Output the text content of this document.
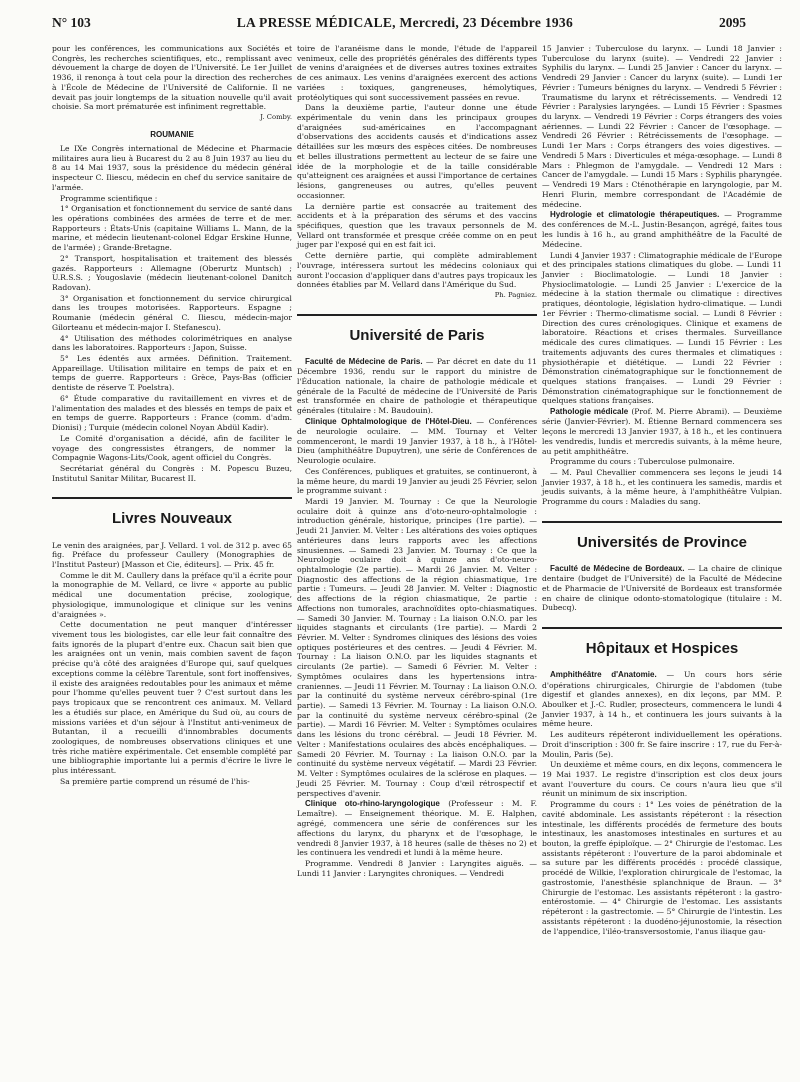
N° 103	LA PRESSE MÉDICALE, Mercredi, 23 Décembre 1936	2095

pour les conférences, les communications aux Sociétés et Congrès, les recherches scientifiques, etc., remplissant avec dévouement la charge de doyen de l'Université. Le 1er Juillet 1936, il renonça à tout cela pour la direction des recherches à l'École de Médecine de l'Université de Californie. Il ne devait pas jouir longtemps de la situation nouvelle qu'il avait choisie. Sa mort prématurée est infiniment regrettable.

J. Comby.

ROUMANIE

Le IXe Congrès international de Médecine et Pharmacie militaires aura lieu à Bucarest du 2 au 8 Juin 1937 au lieu du 8 au 14 Mai 1937, sous la présidence du médecin général inspecteur C. Iliescu, médecin en chef du service sanitaire de l'armée.

Programme scientifique :

1° Organisation et fonctionnement du service de santé dans les opérations combinées des armées de terre et de mer. Rapporteurs : États-Unis (capitaine Williams L. Mann, de la marine, et médecin lieutenant-colonel Edgar Erskine Hunne, de l'armée) ; Grande-Bretagne.

2° Transport, hospitalisation et traitement des blessés gazés. Rapporteurs : Allemagne (Oberurtz Muntsch) ; U.R.S.S. ; Yougoslavie (médecin lieutenant-colonel Danitch Radovan).

3° Organisation et fonctionnement du service chirurgical dans les troupes motorisées. Rapporteurs. Espagne ; Roumanie (médecin général C. Iliescu, médecin-major Gilorteanu et médecin-major I. Stefanescu).

4° Utilisation des méthodes colorimétriques en analyse dans les laboratoires. Rapporteurs : Japon, Suisse.

5° Les édentés aux armées. Définition. Traitement. Appareillage. Utilisation militaire en temps de paix et en temps de guerre. Rapporteurs : Grèce, Pays-Bas (officier dentiste de réserve T. Poelstra).

6° Étude comparative du ravitaillement en vivres et de l'alimentation des malades et des blessés en temps de paix et en temps de guerre. Rapporteurs : France (comm. d'adm. Dionisi) ; Turquie (médecin colonel Noyan Abdül Kadir).

Le Comité d'organisation a décidé, afin de faciliter le voyage des congressistes étrangers, de nommer la Compagnie Wagons-Lits/Cook, agent officiel du Congrès.

Secrétariat général du Congrès : M. Popescu Buzeu, Institutul Sanitar Militar, Bucarest II.

Livres Nouveaux

Le venin des araignées, par J. Vellard. 1 vol. de 312 p. avec 65 fig. Préface du professeur Caullery (Monographies de l'Institut Pasteur) [Masson et Cie, éditeurs]. — Prix. 45 fr.

Comme le dit M. Caullery dans la préface qu'il a écrite pour la monographie de M. Vellard, ce livre « apporte au public médical une documentation précise, zoologique, physiologique, immunologique et clinique sur les venins d'araignées ».

Cette documentation ne peut manquer d'intéresser vivement tous les biologistes, car elle leur fait connaître des faits ignorés de la plupart d'entre eux. Chacun sait bien que les araignées ont un venin, mais combien savent de façon précise qu'à côté des araignées d'Europe qui, sauf quelques exceptions comme la célèbre Tarentule, sont fort inoffensives, il existe des araignées redoutables pour les animaux et même pour l'homme qu'elles peuvent tuer ? C'est surtout dans les pays tropicaux que se rencontrent ces animaux. M. Vellard les a étudiés sur place, en Amérique du Sud où, au cours de missions variées et d'un séjour à l'Institut anti-venimeux de Butantan, il a recueilli d'innombrables documents zoologiques, de nombreuses observations cliniques et une très riche matière expérimentale. Cet ensemble complété par une bibliographie importante lui a permis d'écrire le livre le plus intéressant.

Sa première partie comprend un résumé de l'his-

toire de l'aranéisme dans le monde, l'étude de l'appareil venimeux, celle des propriétés générales des différents types de venins d'araignées et de diverses autres toxines extraites de ces animaux. Les venins d'araignées exercent des actions variées : toxiques, gangreneuses, hémolytiques, protéolytiques qui sont successivement passées en revue.

Dans la deuxième partie, l'auteur donne une étude expérimentale du venin dans les principaux groupes d'araignées sud-américaines en l'accompagnant d'observations des accidents causés et d'indications assez détaillées sur les mœurs des espèces citées. De nombreuses et belles illustrations permettent au lecteur de se faire une idée de la morphologie et de la taille considérable qu'atteignent ces araignées et aussi l'importance de certaines lésions, gangreneuses ou autres, qu'elles peuvent occasionner.

La dernière partie est consacrée au traitement des accidents et à la préparation des sérums et des vaccins spécifiques, question que les travaux personnels de M. Vellard ont transformée et presque créée comme on en peut juger par l'exposé qui en est fait ici.

Cette dernière partie, qui complète admirablement l'ouvrage, intéressera surtout les médecins coloniaux qui auront l'occasion d'appliquer dans d'autres pays tropicaux les données établies par M. Vellard dans l'Amérique du Sud.

Ph. Pagniez.

Université de Paris

Faculté de Médecine de Paris. — Par décret en date du 11 Décembre 1936, rendu sur le rapport du ministre de l'Éducation nationale, la chaire de pathologie médicale et générale de la Faculté de médecine de l'Université de Paris est transformée en chaire de pathologie et thérapeutique générales (titulaire : M. Baudouin).

Clinique Ophtalmologique de l'Hôtel-Dieu. — Conférences de neurologie oculaire. — MM. Tournay et Velter commenceront, le mardi 19 Janvier 1937, à 18 h., à l'Hôtel-Dieu (amphithéâtre Dupuytren), une série de Conférences de Neurologie oculaire.

Ces Conférences, publiques et gratuites, se continueront, à la même heure, du mardi 19 Janvier au jeudi 25 Février, selon le programme suivant :

Mardi 19 Janvier. M. Tournay : Ce que la Neurologie oculaire doit à quinze ans d'oto-neuro-ophtalmologie : introduction générale, historique, principes (1re partie). — Jeudi 21 Janvier. M. Velter : Les altérations des voies optiques antérieures dans leurs rapports avec les affections sinusiennes. — Samedi 23 Janvier. M. Tournay : Ce que la Neurologie oculaire doit à quinze ans d'oto-neuro-ophtalmologie (2e partie). — Mardi 26 Janvier. M. Velter : Diagnostic des affections de la région chiasmatique, 1re partie : Tumeurs. — Jeudi 28 Janvier. M. Velter : Diagnostic des affections de la région chiasmatique, 2e partie : Affections non tumorales, arachnoïdites opto-chiasmatiques. — Samedi 30 Janvier. M. Tournay : La liaison O.N.O. par les liquides stagnants et circulants (1re partie). — Mardi 2 Février. M. Velter : Syndromes cliniques des lésions des voies optiques postérieures et des centres. — Jeudi 4 Février. M. Tournay : La liaison O.N.O. par les liquides stagnants et circulants (2e partie). — Samedi 6 Février. M. Velter : Symptômes oculaires dans les hypertensions intra-craniennes. — Jeudi 11 Février. M. Tournay : La liaison O.N.O. par la continuité du système nerveux cérébro-spinal (1re partie). — Samedi 13 Février. M. Tournay : La liaison O.N.O. par la continuité du système nerveux cérébro-spinal (2e partie). — Mardi 16 Février. M. Velter : Symptômes oculaires dans les lésions du tronc cérébral. — Jeudi 18 Février. M. Velter : Manifestations oculaires des abcès encéphaliques. — Samedi 20 Février. M. Tournay : La liaison O.N.O. par la continuité du système nerveux végétatif. — Mardi 23 Février. M. Velter : Symptômes oculaires de la sclérose en plaques. — Jeudi 25 Février. M. Tournay : Coup d'œil rétrospectif et perspectives d'avenir.

Clinique oto-rhino-laryngologique (Professeur : M. F. Lemaître). — Enseignement théorique. M. E. Halphen, agrégé, commencera une série de conférences sur les affections du larynx, du pharynx et de l'œsophage, le vendredi 8 Janvier 1937, à 18 heures (salle de thèses no 2) et les continuera les vendredi et lundi à la même heure.

Programme. Vendredi 8 Janvier : Laryngites aiguës. — Lundi 11 Janvier : Laryngites chroniques. — Vendredi

15 Janvier : Tuberculose du larynx. — Lundi 18 Janvier : Tuberculose du larynx (suite). — Vendredi 22 Janvier : Syphilis du larynx. — Lundi 25 Janvier : Cancer du larynx. — Vendredi 29 Janvier : Cancer du larynx (suite). — Lundi 1er Février : Tumeurs bénignes du larynx. — Vendredi 5 Février : Traumatisme du larynx et rétrécissements. — Vendredi 12 Février : Paralysies laryngées. — Lundi 15 Février : Spasmes du larynx. — Vendredi 19 Février : Corps étrangers des voies aériennes. — Lundi 22 Février : Cancer de l'œsophage. — Vendredi 26 Février : Rétrécissements de l'œsophage. — Lundi 1er Mars : Corps étrangers des voies digestives. — Vendredi 5 Mars : Diverticules et méga-œsophage. — Lundi 8 Mars : Phlegmon de l'amygdale. — Vendredi 12 Mars : Cancer de l'amygdale. — Lundi 15 Mars : Syphilis pharyngée. — Vendredi 19 Mars : Cténothérapie en laryngologie, par M. Henri Flurin, membre correspondant de l'Académie de médecine.

Hydrologie et climatologie thérapeutiques. — Programme des conférences de M.-L. Justin-Besançon, agrégé, faites tous les lundis à 16 h., au grand amphithéâtre de la Faculté de Médecine.

Lundi 4 Janvier 1937 : Climatographie médicale de l'Europe et des principales stations climatiques du globe. — Lundi 11 Janvier : Bioclimatologie. — Lundi 18 Janvier : Physioclimatologie. — Lundi 25 Janvier : L'exercice de la médecine à la station thermale ou climatique : directives pratiques, déontologie, législation hydro-climatique. — Lundi 1er Février : Thermo-climatisme social. — Lundi 8 Février : Direction des cures crénologiques. Clinique et examens de laboratoire. Réactions et crises thermales. Surveillance médicale des cures climatiques. — Lundi 15 Février : Les traitements adjuvants des cures thermales et climatiques : physiothérapie et diététique. — Lundi 22 Février : Démonstration cinématographique sur le fonctionnement de quelques stations françaises. — Lundi 29 Février : Démonstration cinématographique sur le fonctionnement de quelques stations françaises.

Pathologie médicale (Prof. M. Pierre Abrami). — Deuxième série (Janvier-Février). M. Étienne Bernard commencera ses leçons le mercredi 13 Janvier 1937, à 18 h., et les continuera les vendredis, lundis et mercredis suivants, à la même heure, au petit amphithéâtre.

Programme du cours : Tuberculose pulmonaire.

— M. Paul Chevallier commencera ses leçons le jeudi 14 Janvier 1937, à 18 h., et les continuera les samedis, mardis et jeudis suivants, à la même heure, à l'amphithéâtre Vulpian. Programme du cours : Maladies du sang.

Universités de Province

Faculté de Médecine de Bordeaux. — La chaire de clinique dentaire (budget de l'Université) de la Faculté de Médecine et de Pharmacie de l'Université de Bordeaux est transformée en chaire de clinique odonto-stomatologique (titulaire : M. Dubecq).

Hôpitaux et Hospices

Amphithéâtre d'Anatomie. — Un cours hors série d'opérations chirurgicales, Chirurgie de l'abdomen (tube digestif et glandes annexes), en dix leçons, par MM. P. Aboulker et J.-C. Rudler, prosecteurs, commencera le lundi 4 Janvier 1937, à 14 h., et continuera les jours suivants à la même heure.

Les auditeurs répéteront individuellement les opérations. Droit d'inscription : 300 fr. Se faire inscrire : 17, rue du Fer-à-Moulin, Paris (5e).

Un deuxième et même cours, en dix leçons, commencera le 19 Mai 1937. Le registre d'inscription est clos deux jours avant l'ouverture du cours. Ce cours n'aura lieu que s'il réunit un minimum de six inscription.

Programme du cours : 1° Les voies de pénétration de la cavité abdominale. Les assistants répéteront : la résection intestinale, les différents procédés de fermeture des bouts intestinaux, les anastomoses intestinales en surtures et au bouton, la greffe épiploïque. — 2° Chirurgie de l'estomac. Les assistants répéteront : l'ouverture de la paroi abdominale et sa suture par les différents procédés : procédé classique, procédé de Wilkie, l'exploration chirurgicale de l'estomac, la gastrostomie, l'anesthésie splanchnique de Braun. — 3° Chirurgie de l'estomac. Les assistants répéteront : la gastro-entérostomie. — 4° Chirurgie de l'estomac. Les assistants répéteront : la gastrectomie. — 5° Chirurgie de l'intestin. Les assistants répéteront : la duodéno-jéjunostomie, la résection de l'appendice, l'iléo-transversostomie, l'anus iliaque gau-
